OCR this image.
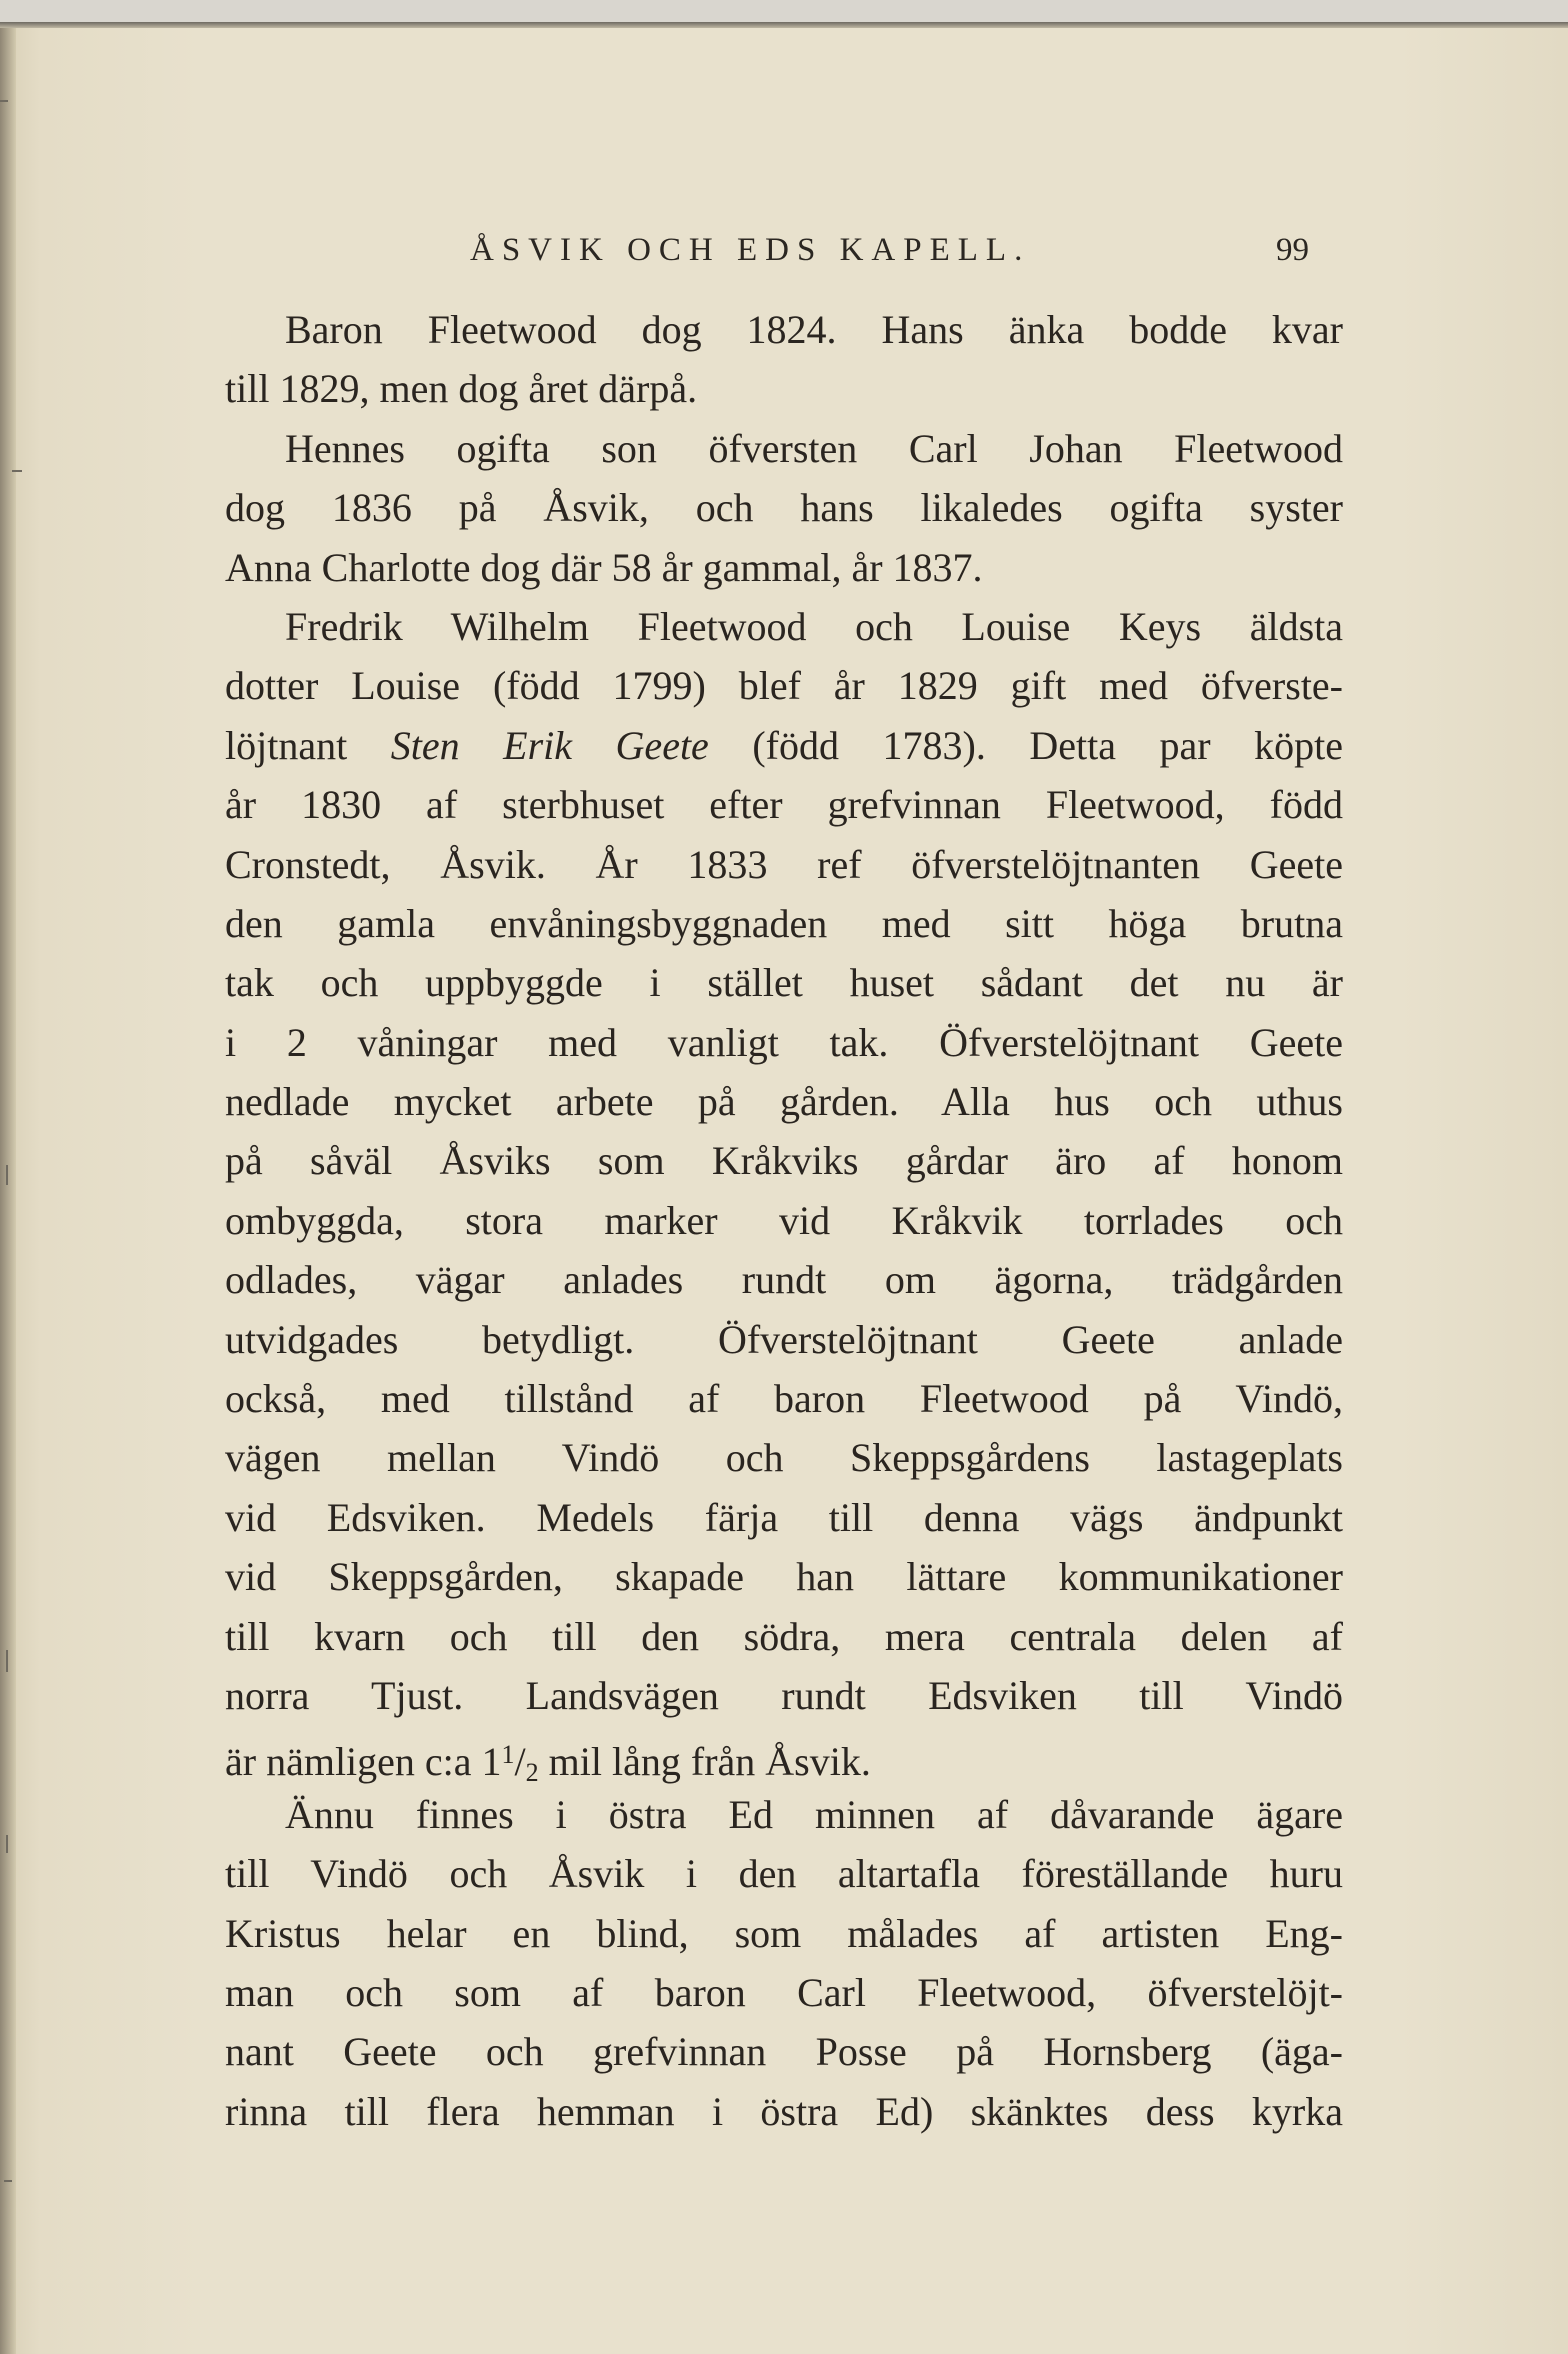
ÅSVIK OCH EDS KAPELL.	99
Baron Fleetwood dog 1824. Hans änka bodde kvar
till 1829, men dog året därpå.
Hennes ogifta son öfversten Carl Johan Fleetwood
dog 1836 på Åsvik, och hans likaledes ogifta syster
Anna Charlotte dog där 58 år gammal, år 1837.
Fredrik Wilhelm Fleetwood och Louise Keys äldsta
dotter Louise (född 1799) blef år 1829 gift med öfverste-
löjtnant Sten Erik Geete (född 1783). Detta par köpte
år 1830 af sterbhuset efter grefvinnan Fleetwood, född
Cronstedt, Åsvik. År 1833 ref öfverstelöjtnanten Geete
den gamla envåningsbyggnaden med sitt höga brutna
tak och uppbyggde i stället huset sådant det nu är
i 2 våningar med vanligt tak. Öfverstelöjtnant Geete
nedlade mycket arbete på gården. Alla hus och uthus
på såväl Åsviks som Kråkviks gårdar äro af honom
ombyggda, stora marker vid Kråkvik torrlades och
odlades, vägar anlades rundt om ägorna, trädgården
utvidgades betydligt. Öfverstelöjtnant Geete anlade
också, med tillstånd af baron Fleetwood på Vindö,
vägen mellan Vindö och Skeppsgårdens lastageplats
vid Edsviken. Medels färja till denna vägs ändpunkt
vid Skeppsgården, skapade han lättare kommunikationer
till kvarn och till den södra, mera centrala delen af
norra Tjust. Landsvägen rundt Edsviken till Vindö
är nämligen c:a $1^1/2$ mil lång från Åsvik.
Ännu finnes i östra Ed minnen af dåvarande ägare
till Vindö och Åsvik i den altartafla föreställande huru
Kristus helar en blind, som målades af artisten Eng-
man och som af baron Carl Fleetwood, öfverstelöjt-
nant Geete och grefvinnan Posse på Hornsberg (äga-
rinna till flera hemman i östra Ed) skänktes dess kyrka
